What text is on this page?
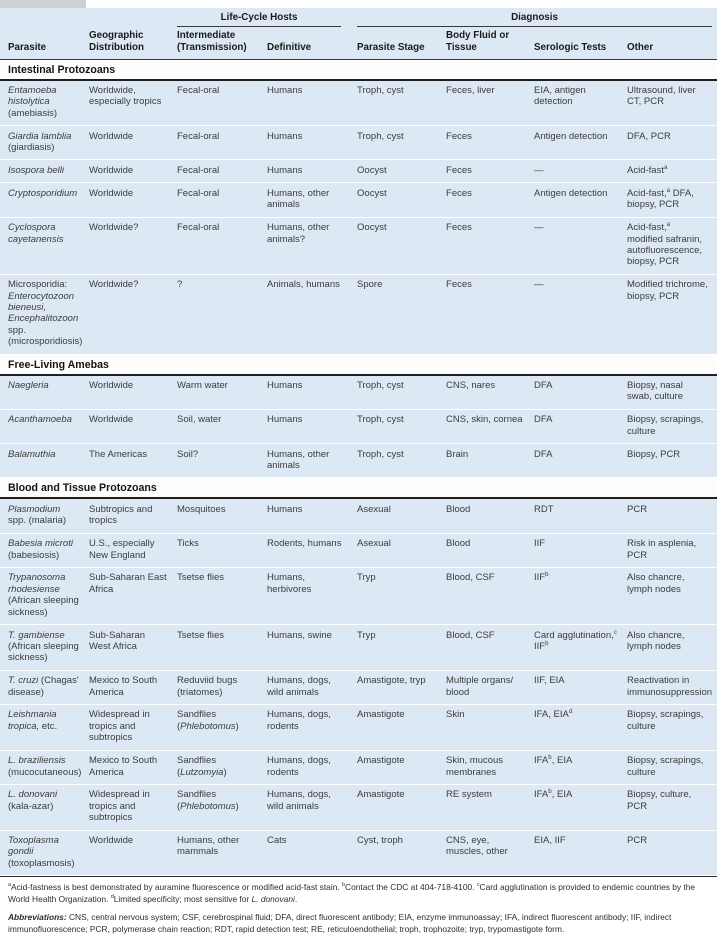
		Life-Cycle Hosts		Diagnosis			

Parasite	Geographic Distribution	Intermediate (Transmission)	Definitive	Parasite Stage	Body Fluid or Tissue	Serologic Tests	Other
Intestinal Protozoans							
Entamoeba histolytica (amebiasis)	Worldwide, especially tropics	Fecal-oral	Humans	Troph, cyst	Feces, liver	EIA, antigen detection	Ultrasound, liver CT, PCR
Giardia lamblia (giardiasis)	Worldwide	Fecal-oral	Humans	Troph, cyst	Feces	Antigen detection	DFA, PCR
Isospora belli	Worldwide	Fecal-oral	Humans	Oocyst	Feces	—	Acid-fast$^a$
Cryptosporidium	Worldwide	Fecal-oral	Humans, other animals	Oocyst	Feces	Antigen detection	Acid-fast,$^a$ DFA, biopsy, PCR
Cyclospora cayetanensis	Worldwide?	Fecal-oral	Humans, other animals?	Oocyst	Feces	—	Acid-fast,$^a$ modified safranin, autofluorescence, biopsy, PCR
Microsporidia: Enterocytozoon bieneusi, Encephalitozoon spp. (microsporidiosis)	Worldwide?	?	Animals, humans	Spore	Feces	—	Modified trichrome, biopsy, PCR
Free-Living Amebas							
Naegleria	Worldwide	Warm water	Humans	Troph, cyst	CNS, nares	DFA	Biopsy, nasal swab, culture
Acanthamoeba	Worldwide	Soil, water	Humans	Troph, cyst	CNS, skin, cornea	DFA	Biopsy, scrapings, culture
Balamuthia	The Americas	Soil?	Humans, other animals	Troph, cyst	Brain	DFA	Biopsy, PCR
Blood and Tissue Protozoans							
Plasmodium spp. (malaria)	Subtropics and tropics	Mosquitoes	Humans	Asexual	Blood	RDT	PCR
Babesia microti (babesiosis)	U.S., especially New England	Ticks	Rodents, humans	Asexual	Blood	IIF	Risk in asplenia, PCR
Trypanosoma rhodesiense (African sleeping sickness)	Sub-Saharan East Africa	Tsetse flies	Humans, herbivores	Tryp	Blood, CSF	IIF$^b$	Also chancre, lymph nodes
T. gambiense (African sleeping sickness)	Sub-Saharan West Africa	Tsetse flies	Humans, swine	Tryp	Blood, CSF	Card agglutination,$^c$ IIF$^b$	Also chancre, lymph nodes
T. cruzi (Chagas' disease)	Mexico to South America	Reduviid bugs (triatomes)	Humans, dogs, wild animals	Amastigote, tryp	Multiple organs/ blood	IIF, EIA	Reactivation in immunosuppression
Leishmania tropica, etc.	Widespread in tropics and subtropics	Sandflies (Phlebotomus)	Humans, dogs, rodents	Amastigote	Skin	IFA, EIA$^d$	Biopsy, scrapings, culture
L. braziliensis (mucocutaneous)	Mexico to South America	Sandflies (Lutzomyia)	Humans, dogs, rodents	Amastigote	Skin, mucous membranes	IFA$^b$, EIA	Biopsy, scrapings, culture
L. donovani (kala-azar)	Widespread in tropics and subtropics	Sandflies (Phlebotomus)	Humans, dogs, wild animals	Amastigote	RE system	IFA$^b$, EIA	Biopsy, culture, PCR
Toxoplasma gondii (toxoplasmosis)	Worldwide	Humans, other mammals	Cats	Cyst, troph	CNS, eye, muscles, other	EIA, IIF	PCR

$^a$Acid-fastness is best demonstrated by auramine fluorescence or modified acid-fast stain. $^b$Contact the CDC at 404-718-4100. $^c$Card agglutination is provided to endemic countries by the World Health Organization. $^d$Limited specificity; most sensitive for L. donovani.

Abbreviations: CNS, central nervous system; CSF, cerebrospinal fluid; DFA, direct fluorescent antibody; EIA, enzyme immunoassay; IFA, indirect fluorescent antibody; IIF, indirect immunofluorescence; PCR, polymerase chain reaction; RDT, rapid detection test; RE, reticuloendothelial; troph, trophozoite; tryp, trypomastigote form.
